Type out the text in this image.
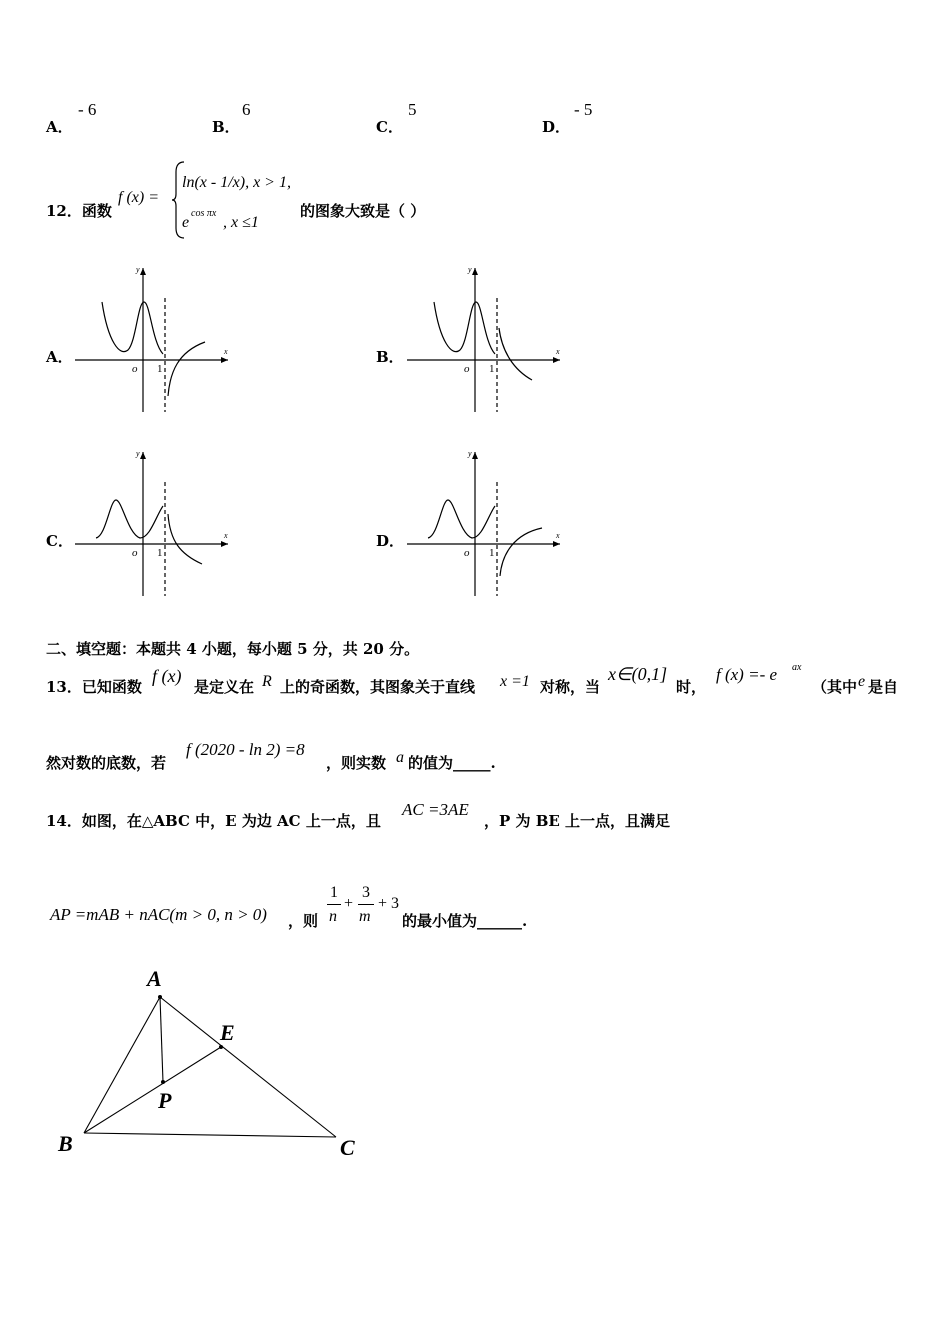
A．
- 6
B．
6
C．
5
D．
- 5
12．函数
f (x) =
ln(x - 1/x), x > 1,
e
cos πx
, x ≤1
的图象大致是（ ）
A．	B．
C．	D．
y
x
o 1
y
x
o 1
y
x
o 1
y
x
o 1
二、填空题：本题共 4 小题，每小题 5 分，共 20 分。
13．已知函数
f (x)
是定义在 R 上的奇函数，其图象关于直线 x =1 对称，当
x∈(0,1]
时，
f (x) =- e ax
（其中 e 是自
然对数的底数，若
f (2020 - ln 2) =8
，则实数 a 的值为_____.
14．如图，在△ABC 中，E 为边 AC 上一点，且
AC =3AE
，P 为 BE 上一点，且满足
AP =mAB + nAC(m > 0, n > 0) ，则
1
n
+
3
m
+ 3
的最小值为______.
A
B	C
E
P
